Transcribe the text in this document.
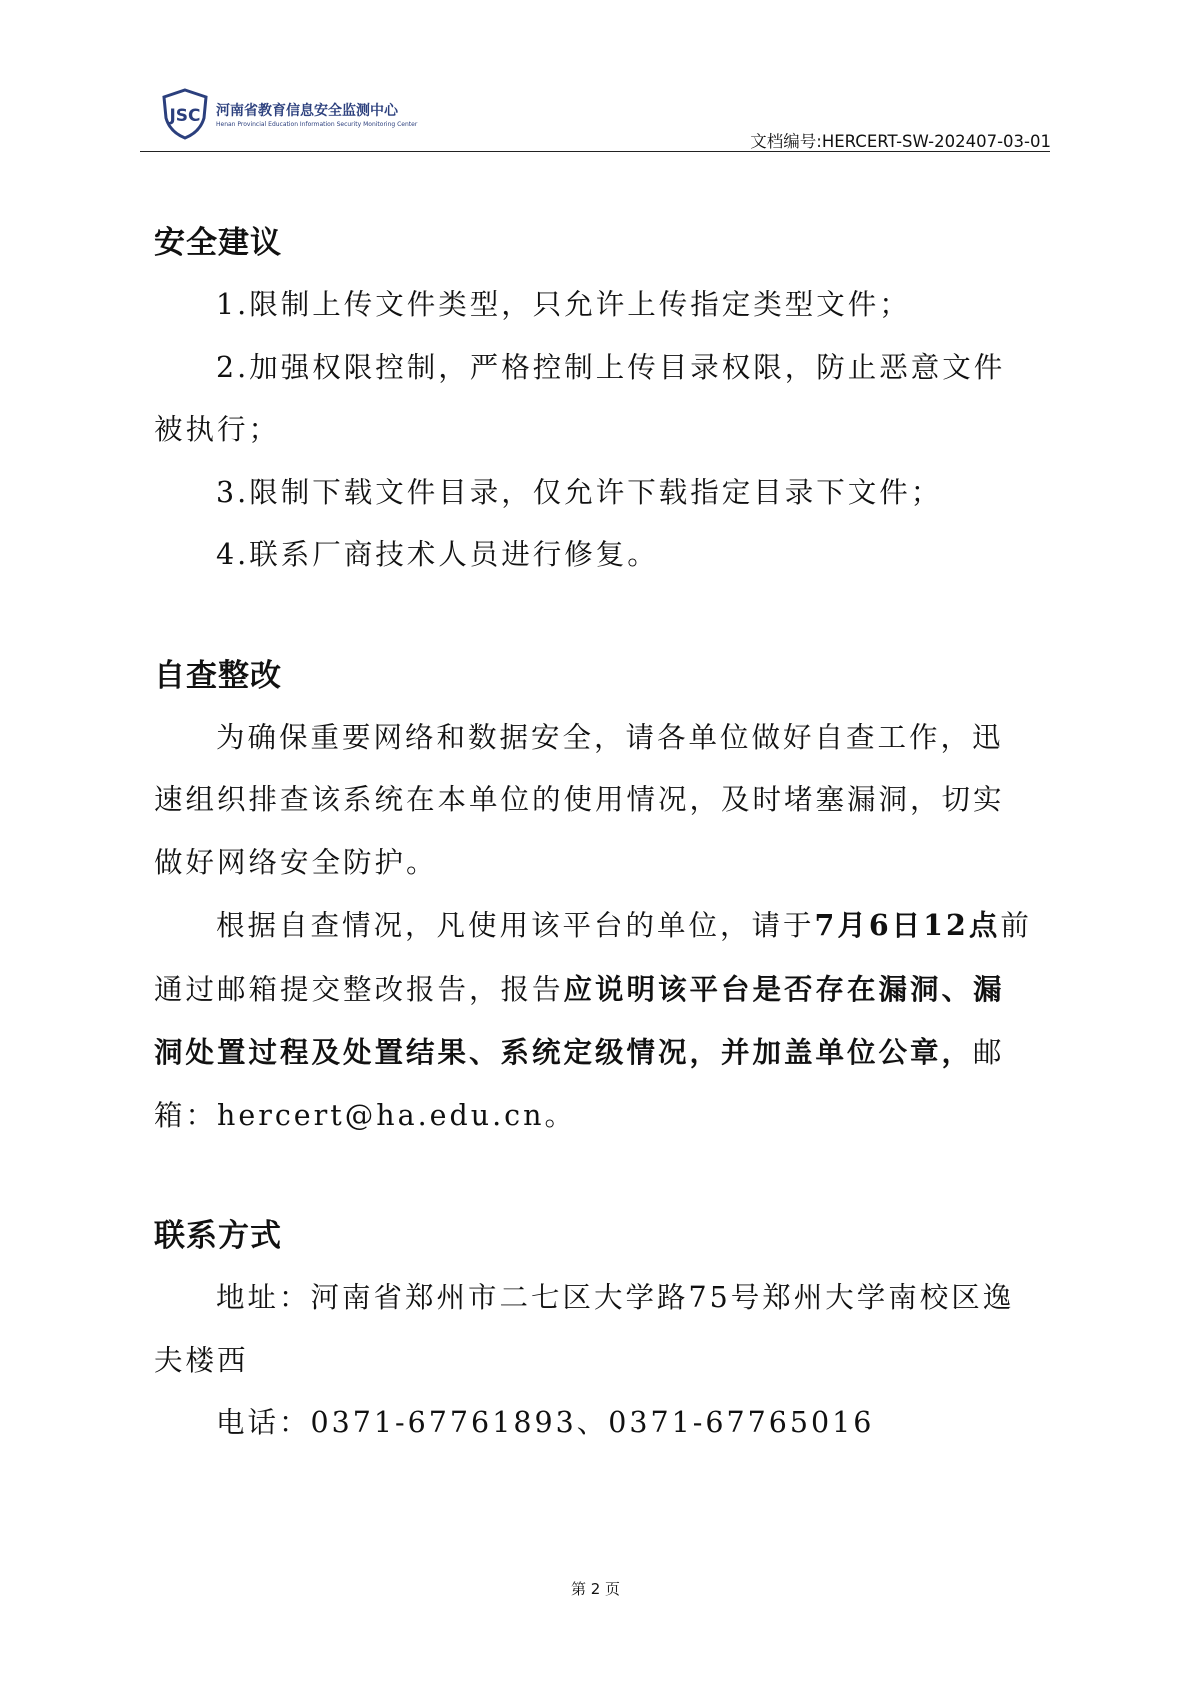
JSC 河南省教育信息安全监测中心
Henan Provincial Education Information Security Monitoring Center
文档编号:HERCERT-SW-202407-03-01
安全建议

1.限制上传文件类型，只允许上传指定类型文件；

2.加强权限控制，严格控制上传目录权限，防止恶意文件被执行；

3.限制下载文件目录，仅允许下载指定目录下文件；

4.联系厂商技术人员进行修复。

自查整改

为确保重要网络和数据安全，请各单位做好自查工作，迅速组织排查该系统在本单位的使用情况，及时堵塞漏洞，切实做好网络安全防护。

根据自查情况，凡使用该平台的单位，请于7月6日12点前通过邮箱提交整改报告，报告应说明该平台是否存在漏洞、漏洞处置过程及处置结果、系统定级情况，并加盖单位公章，邮箱：hercert@ha.edu.cn。

联系方式

地址：河南省郑州市二七区大学路75号郑州大学南校区逸夫楼西

电话：0371-67761893、0371-67765016

第 2 页
